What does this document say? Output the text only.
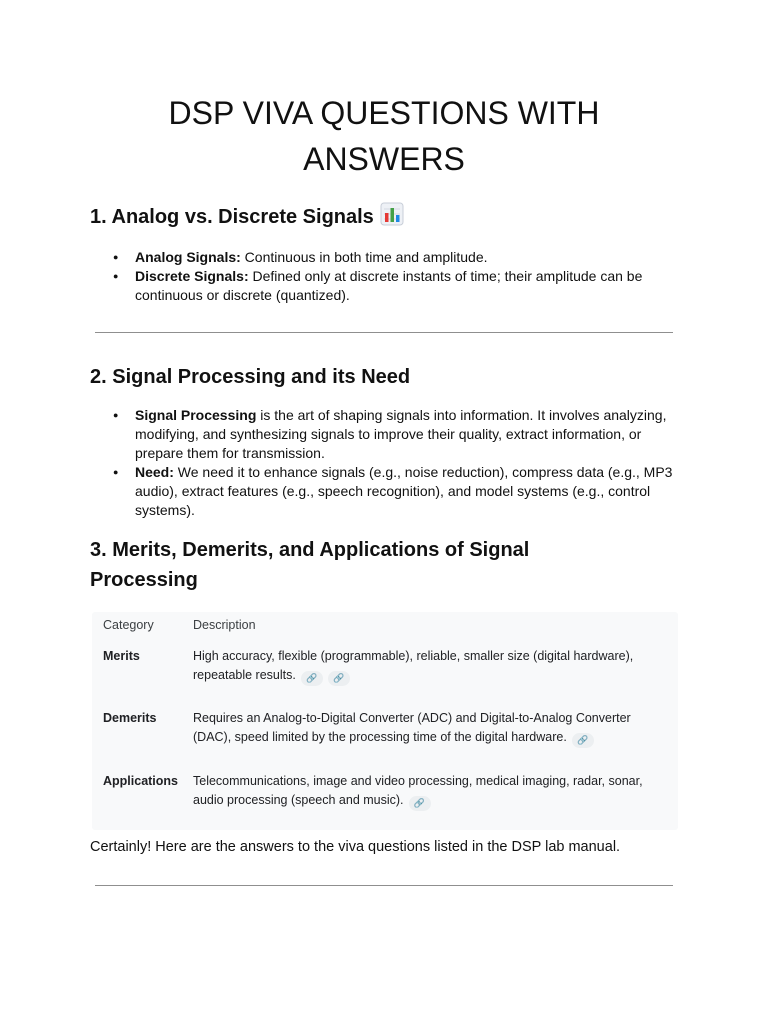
DSP VIVA QUESTIONS WITH
ANSWERS
1. Analog vs. Discrete Signals
● Analog Signals: Continuous in both time and amplitude.
● Discrete Signals: Defined only at discrete instants of time; their amplitude can be continuous or discrete (quantized).
2. Signal Processing and its Need
● Signal Processing is the art of shaping signals into information. It involves analyzing, modifying, and synthesizing signals to improve their quality, extract information, or prepare them for transmission.
● Need: We need it to enhance signals (e.g., noise reduction), compress data (e.g., MP3 audio), extract features (e.g., speech recognition), and model systems (e.g., control systems).
3. Merits, Demerits, and Applications of Signal Processing
Category	Description
Merits	High accuracy, flexible (programmable), reliable, smaller size (digital hardware), repeatable results. 🔗 🔗
Demerits	Requires an Analog-to-Digital Converter (ADC) and Digital-to-Analog Converter (DAC), speed limited by the processing time of the digital hardware. 🔗
Applications Telecommunications, image and video processing, medical imaging, radar, sonar, audio processing (speech and music). 🔗
Certainly! Here are the answers to the viva questions listed in the DSP lab manual.
